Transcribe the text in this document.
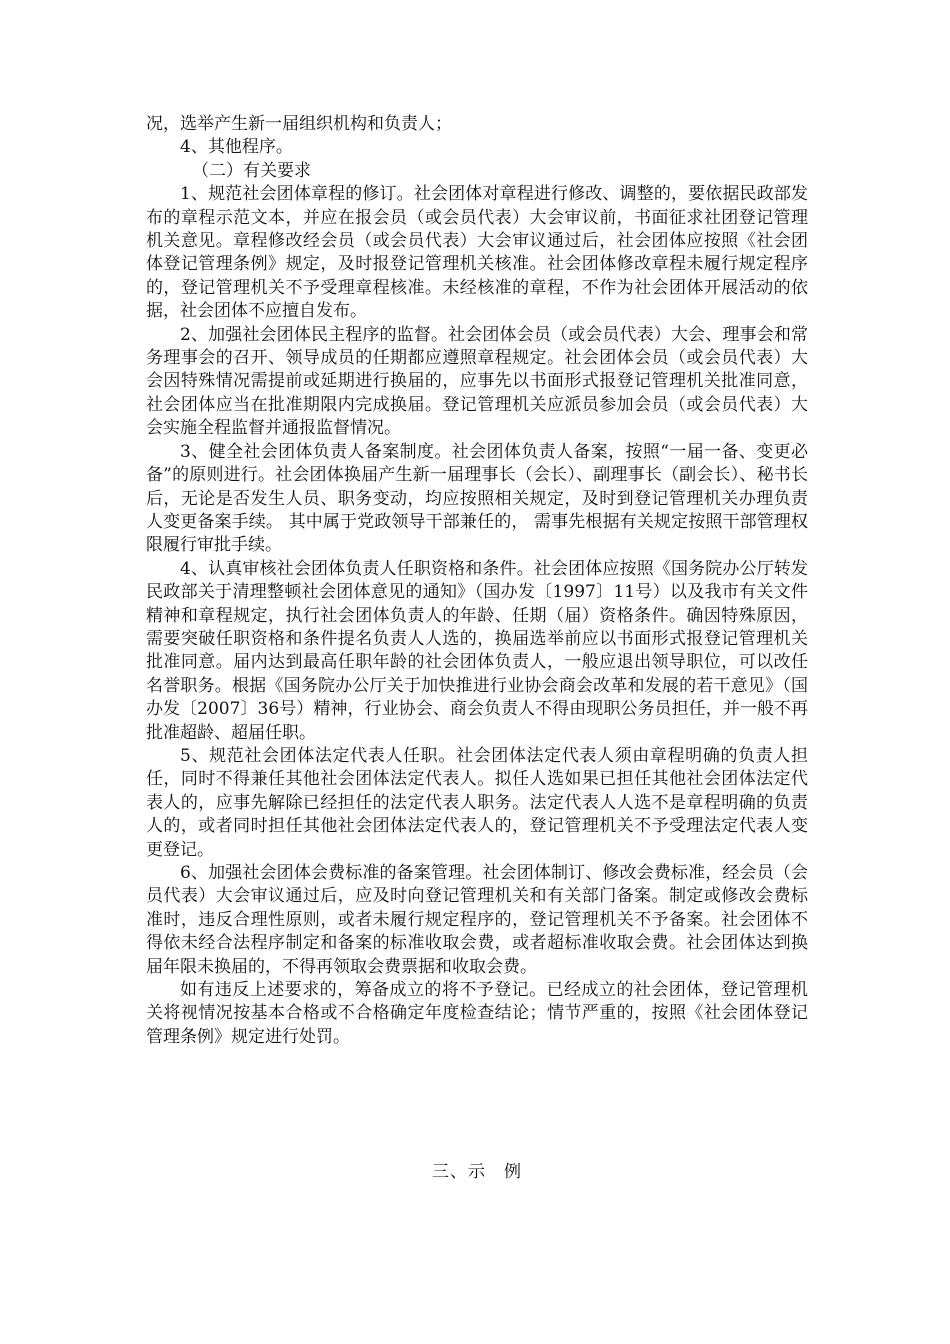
况，选举产生新一届组织机构和负责人；

4、其他程序。

（二）有关要求

1、规范社会团体章程的修订。社会团体对章程进行修改、调整的，要依据民政部发布的章程示范文本，并应在报会员（或会员代表）大会审议前，书面征求社团登记管理机关意见。章程修改经会员（或会员代表）大会审议通过后，社会团体应按照《社会团体登记管理条例》规定，及时报登记管理机关核准。社会团体修改章程未履行规定程序的，登记管理机关不予受理章程核准。未经核准的章程，不作为社会团体开展活动的依据，社会团体不应擅自发布。

2、加强社会团体民主程序的监督。社会团体会员（或会员代表）大会、理事会和常务理事会的召开、领导成员的任期都应遵照章程规定。社会团体会员（或会员代表）大会因特殊情况需提前或延期进行换届的，应事先以书面形式报登记管理机关批准同意，社会团体应当在批准期限内完成换届。登记管理机关应派员参加会员（或会员代表）大会实施全程监督并通报监督情况。

3、健全社会团体负责人备案制度。社会团体负责人备案，按照“一届一备、变更必备”的原则进行。社会团体换届产生新一届理事长（会长）、副理事长（副会长）、秘书长后，无论是否发生人员、职务变动，均应按照相关规定，及时到登记管理机关办理负责人变更备案手续。 其中属于党政领导干部兼任的， 需事先根据有关规定按照干部管理权限履行审批手续。

4、认真审核社会团体负责人任职资格和条件。社会团体应按照《国务院办公厅转发民政部关于清理整顿社会团体意见的通知》（国办发〔1997〕11号）以及我市有关文件精神和章程规定，执行社会团体负责人的年龄、任期（届）资格条件。确因特殊原因，需要突破任职资格和条件提名负责人人选的，换届选举前应以书面形式报登记管理机关批准同意。届内达到最高任职年龄的社会团体负责人，一般应退出领导职位，可以改任名誉职务。根据《国务院办公厅关于加快推进行业协会商会改革和发展的若干意见》（国办发〔2007〕36号）精神，行业协会、商会负责人不得由现职公务员担任，并一般不再批准超龄、超届任职。

5、规范社会团体法定代表人任职。社会团体法定代表人须由章程明确的负责人担任，同时不得兼任其他社会团体法定代表人。拟任人选如果已担任其他社会团体法定代表人的，应事先解除已经担任的法定代表人职务。法定代表人人选不是章程明确的负责人的，或者同时担任其他社会团体法定代表人的，登记管理机关不予受理法定代表人变更登记。

6、加强社会团体会费标准的备案管理。社会团体制订、修改会费标准，经会员（会员代表）大会审议通过后，应及时向登记管理机关和有关部门备案。制定或修改会费标准时，违反合理性原则，或者未履行规定程序的，登记管理机关不予备案。社会团体不得依未经合法程序制定和备案的标准收取会费，或者超标准收取会费。社会团体达到换届年限未换届的，不得再领取会费票据和收取会费。

如有违反上述要求的，筹备成立的将不予登记。已经成立的社会团体，登记管理机关将视情况按基本合格或不合格确定年度检查结论；情节严重的，按照《社会团体登记管理条例》规定进行处罚。

三、示　例
